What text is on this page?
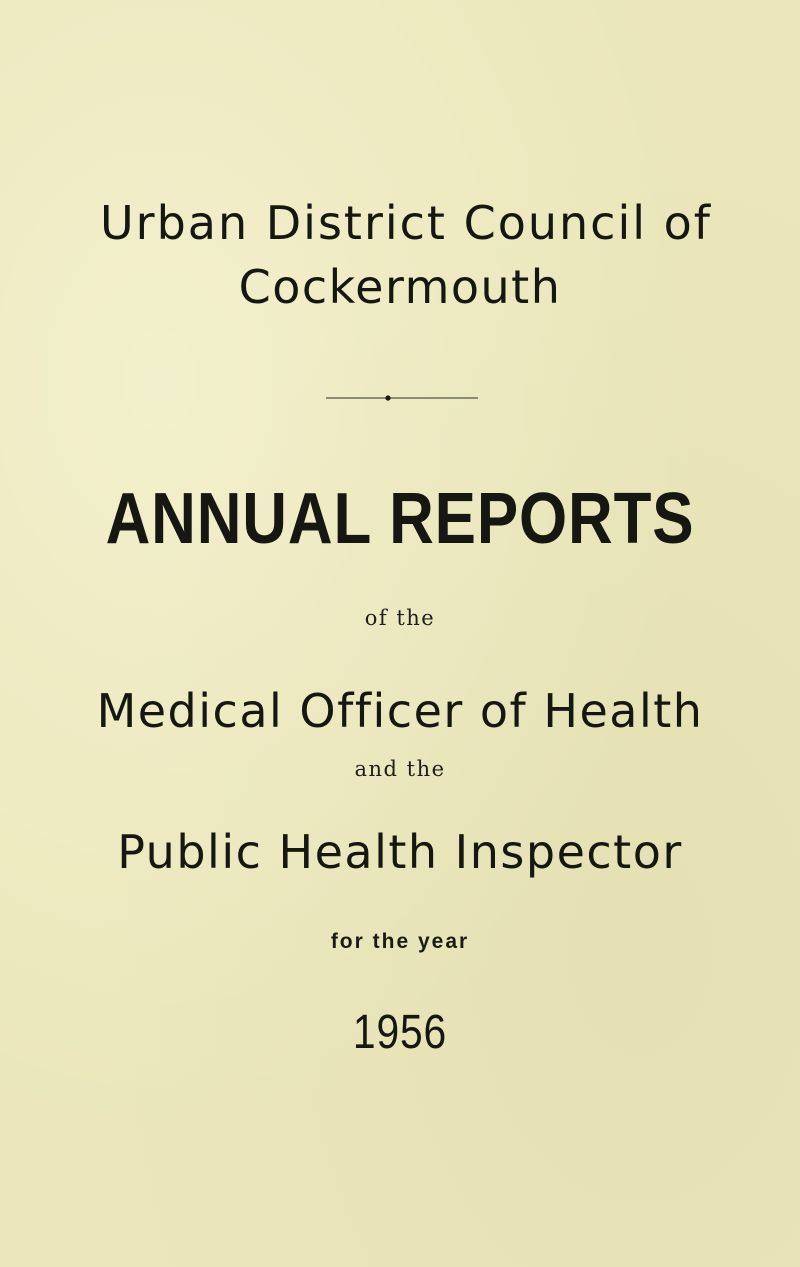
Urban District Council of
Cockermouth
ANNUAL REPORTS
of the
Medical Officer of Health
and the
Public Health Inspector
for the year
1956
